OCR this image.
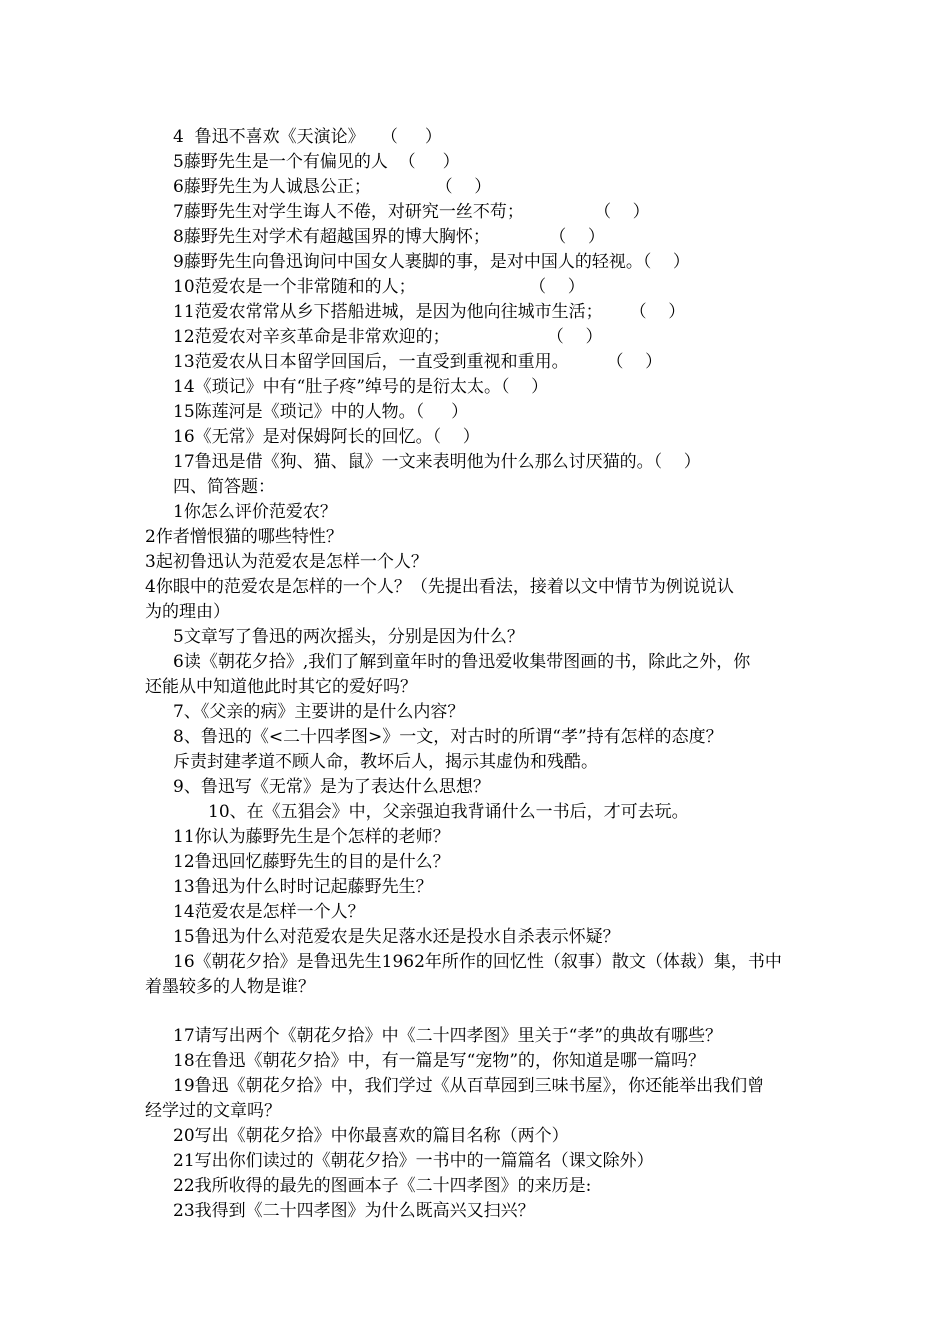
4  鲁迅不喜欢《天演论》   （     ）
5藤野先生是一个有偏见的人  （     ）
6藤野先生为人诚恳公正；            （    ）
7藤野先生对学生诲人不倦，对研究一丝不苟；             （    ）
8藤野先生对学术有超越国界的博大胸怀；           （    ）
9藤野先生向鲁迅询问中国女人裹脚的事，是对中国人的轻视。（    ）
10范爱农是一个非常随和的人；                     （    ）
11范爱农常常从乡下搭船进城，是因为他向往城市生活；     （    ）
12范爱农对辛亥革命是非常欢迎的；                  （    ）
13范爱农从日本留学回国后，一直受到重视和重用。       （    ）
14《琐记》中有“肚子疼”绰号的是衍太太。（    ）
15陈莲河是《琐记》中的人物。（     ）
16《无常》是对保姆阿长的回忆。（    ）
17鲁迅是借《狗、猫、鼠》一文来表明他为什么那么讨厌猫的。（    ）
四、简答题：
1你怎么评价范爱农？
2作者憎恨猫的哪些特性？
3起初鲁迅认为范爱农是怎样一个人？
4你眼中的范爱农是怎样的一个人？（先提出看法，接着以文中情节为例说说认
为的理由）
5文章写了鲁迅的两次摇头，分别是因为什么？
6读《朝花夕拾》,我们了解到童年时的鲁迅爱收集带图画的书，除此之外，你
还能从中知道他此时其它的爱好吗？
7、《父亲的病》主要讲的是什么内容？
8、鲁迅的《<二十四孝图>》一文，对古时的所谓“孝”持有怎样的态度？
斥责封建孝道不顾人命，教坏后人，揭示其虚伪和残酷。
9、鲁迅写《无常》是为了表达什么思想？
10、在《五猖会》中，父亲强迫我背诵什么一书后，才可去玩。
11你认为藤野先生是个怎样的老师？
12鲁迅回忆藤野先生的目的是什么？
13鲁迅为什么时时记起藤野先生？
14范爱农是怎样一个人？
15鲁迅为什么对范爱农是失足落水还是投水自杀表示怀疑？
16《朝花夕拾》是鲁迅先生1962年所作的回忆性（叙事）散文（体裁）集，书中
着墨较多的人物是谁？
17请写出两个《朝花夕拾》中《二十四孝图》里关于“孝”的典故有哪些？
18在鲁迅《朝花夕拾》中，有一篇是写“宠物”的，你知道是哪一篇吗？
19鲁迅《朝花夕拾》中，我们学过《从百草园到三味书屋》，你还能举出我们曾
经学过的文章吗？
20写出《朝花夕拾》中你最喜欢的篇目名称（两个）
21写出你们读过的《朝花夕拾》一书中的一篇篇名（课文除外）
22我所收得的最先的图画本子《二十四孝图》的来历是:
23我得到《二十四孝图》为什么既高兴又扫兴？
